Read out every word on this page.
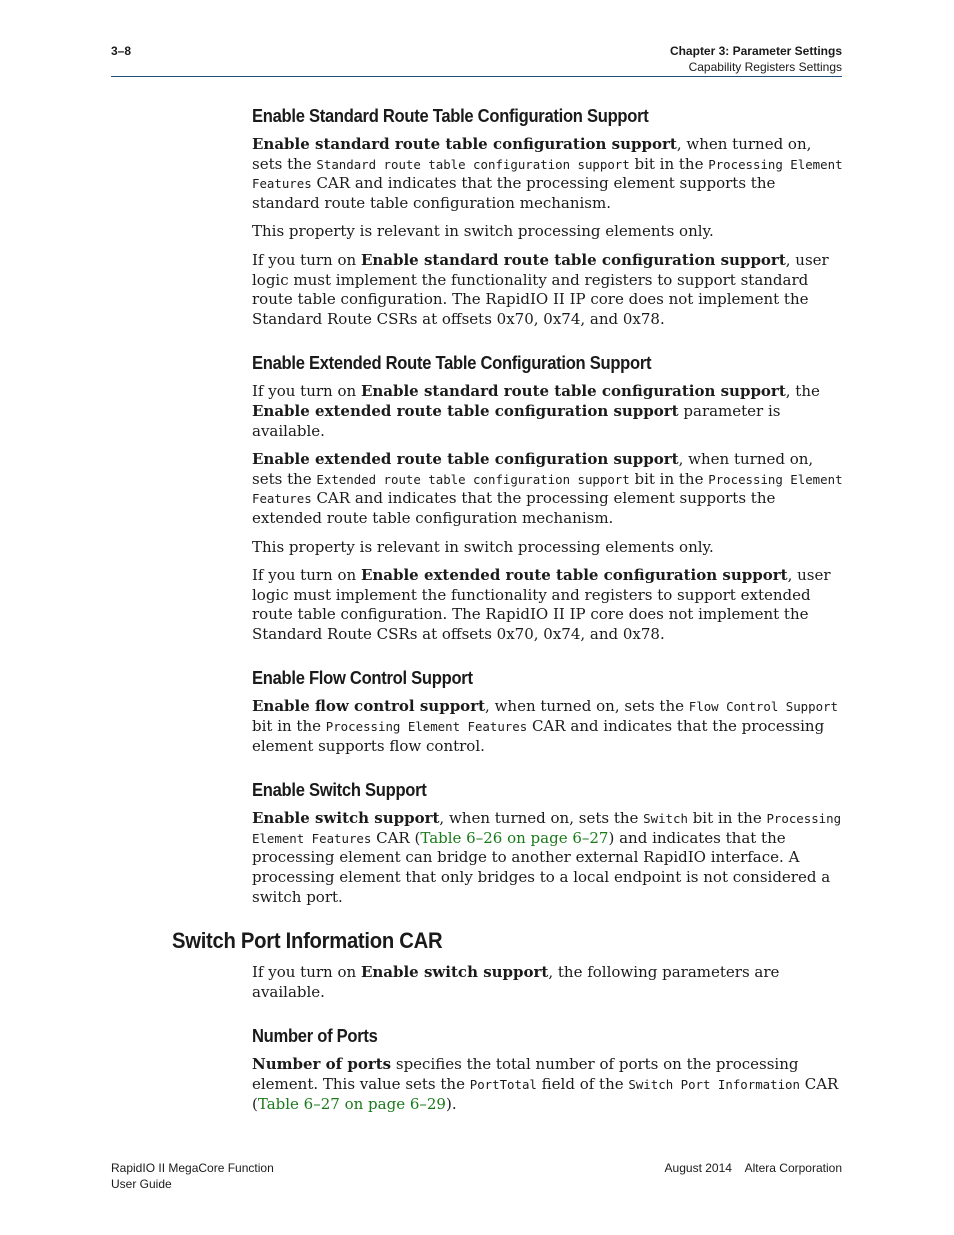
3–8	Chapter 3: Parameter Settings
Capability Registers Settings
Enable Standard Route Table Configuration Support

Enable standard route table configuration support, when turned on, sets the Standard route table configuration support bit in the Processing Element Features CAR and indicates that the processing element supports the standard route table configuration mechanism.

This property is relevant in switch processing elements only.

If you turn on Enable standard route table configuration support, user logic must implement the functionality and registers to support standard route table configuration. The RapidIO II IP core does not implement the Standard Route CSRs at offsets 0x70, 0x74, and 0x78.

Enable Extended Route Table Configuration Support

If you turn on Enable standard route table configuration support, the Enable extended route table configuration support parameter is available.

Enable extended route table configuration support, when turned on, sets the Extended route table configuration support bit in the Processing Element Features CAR and indicates that the processing element supports the extended route table configuration mechanism.

This property is relevant in switch processing elements only.

If you turn on Enable extended route table configuration support, user logic must implement the functionality and registers to support extended route table configuration. The RapidIO II IP core does not implement the Standard Route CSRs at offsets 0x70, 0x74, and 0x78.

Enable Flow Control Support

Enable flow control support, when turned on, sets the Flow Control Support bit in the Processing Element Features CAR and indicates that the processing element supports flow control.

Enable Switch Support

Enable switch support, when turned on, sets the Switch bit in the Processing Element Features CAR (Table 6–26 on page 6–27) and indicates that the processing element can bridge to another external RapidIO interface. A processing element that only bridges to a local endpoint is not considered a switch port.

Switch Port Information CAR

If you turn on Enable switch support, the following parameters are available.

Number of Ports

Number of ports specifies the total number of ports on the processing element. This value sets the PortTotal field of the Switch Port Information CAR (Table 6–27 on page 6–29).

RapidIO II MegaCore Function
User Guide
August 2014    Altera Corporation
